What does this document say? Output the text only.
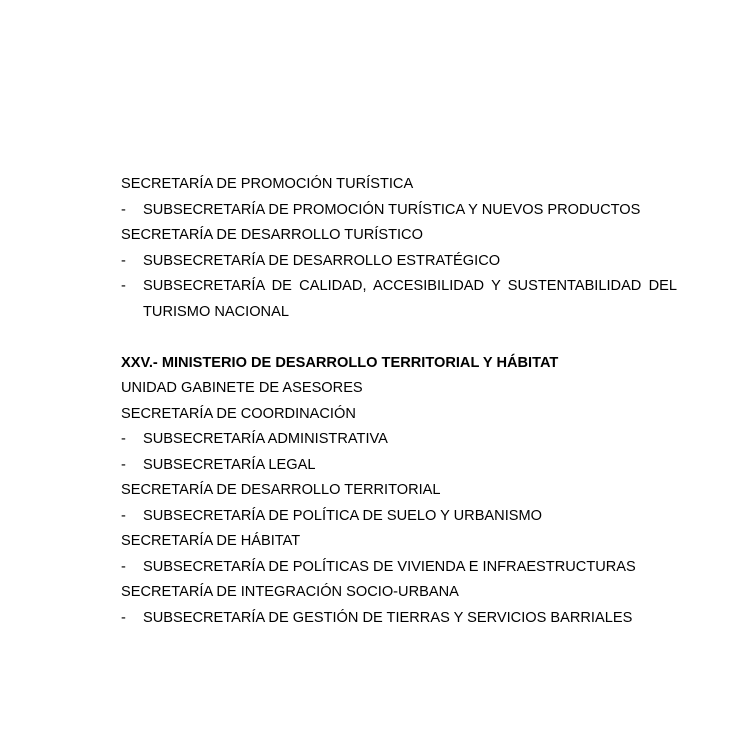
SECRETARÍA DE PROMOCIÓN TURÍSTICA
- SUBSECRETARÍA DE PROMOCIÓN TURÍSTICA Y NUEVOS PRODUCTOS
SECRETARÍA DE DESARROLLO TURÍSTICO
- SUBSECRETARÍA DE DESARROLLO ESTRATÉGICO
- SUBSECRETARÍA DE CALIDAD, ACCESIBILIDAD Y SUSTENTABILIDAD DEL TURISMO NACIONAL
XXV.- MINISTERIO DE DESARROLLO TERRITORIAL Y HÁBITAT
UNIDAD GABINETE DE ASESORES
SECRETARÍA DE COORDINACIÓN
- SUBSECRETARÍA ADMINISTRATIVA
- SUBSECRETARÍA LEGAL
SECRETARÍA DE DESARROLLO TERRITORIAL
- SUBSECRETARÍA DE POLÍTICA DE SUELO Y URBANISMO
SECRETARÍA DE HÁBITAT
- SUBSECRETARÍA DE POLÍTICAS DE VIVIENDA E INFRAESTRUCTURAS
SECRETARÍA DE INTEGRACIÓN SOCIO-URBANA
- SUBSECRETARÍA DE GESTIÓN DE TIERRAS Y SERVICIOS BARRIALES
